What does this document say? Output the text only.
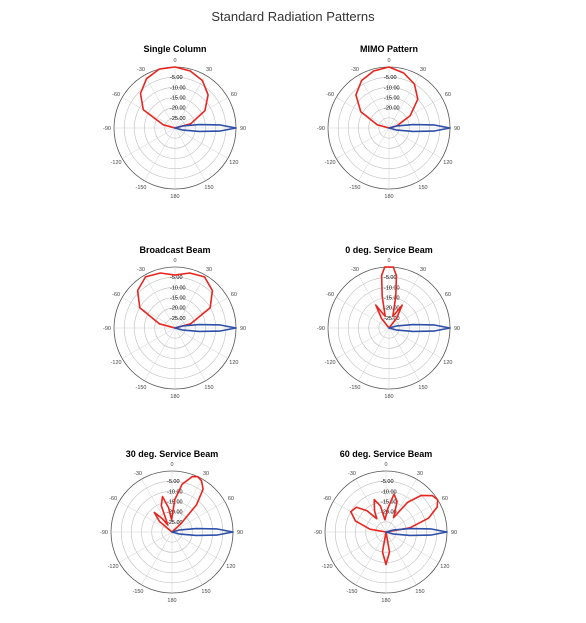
Standard Radiation Patterns
Single Column
0
30
60
90
120
150
180
-150
-120
-90
-60
-30
-5.00
-10.00
-15.00
-20.00
-25.00
MIMO Pattern
0
30
60
90
120
150
180
-150
-120
-90
-60
-30
-5.00
-10.00
-15.00
-20.00
Broadcast Beam
0
30
60
90
120
150
180
-150
-120
-90
-60
-30
-5.00
-10.00
-15.00
-20.00
-25.00
0 deg. Service Beam
0
30
60
90
120
150
180
-150
-120
-90
-60
-30
-5.00
-10.00
-15.00
-20.00
-25.00
30 deg. Service Beam
0
30
60
90
120
150
180
-150
-120
-90
-60
-30
-5.00
-10.00
-15.00
-20.00
-25.00
60 deg. Service Beam
0
30
60
90
120
150
180
-150
-120
-90
-60
-30
-5.00
-10.00
-15.00
-20.00
